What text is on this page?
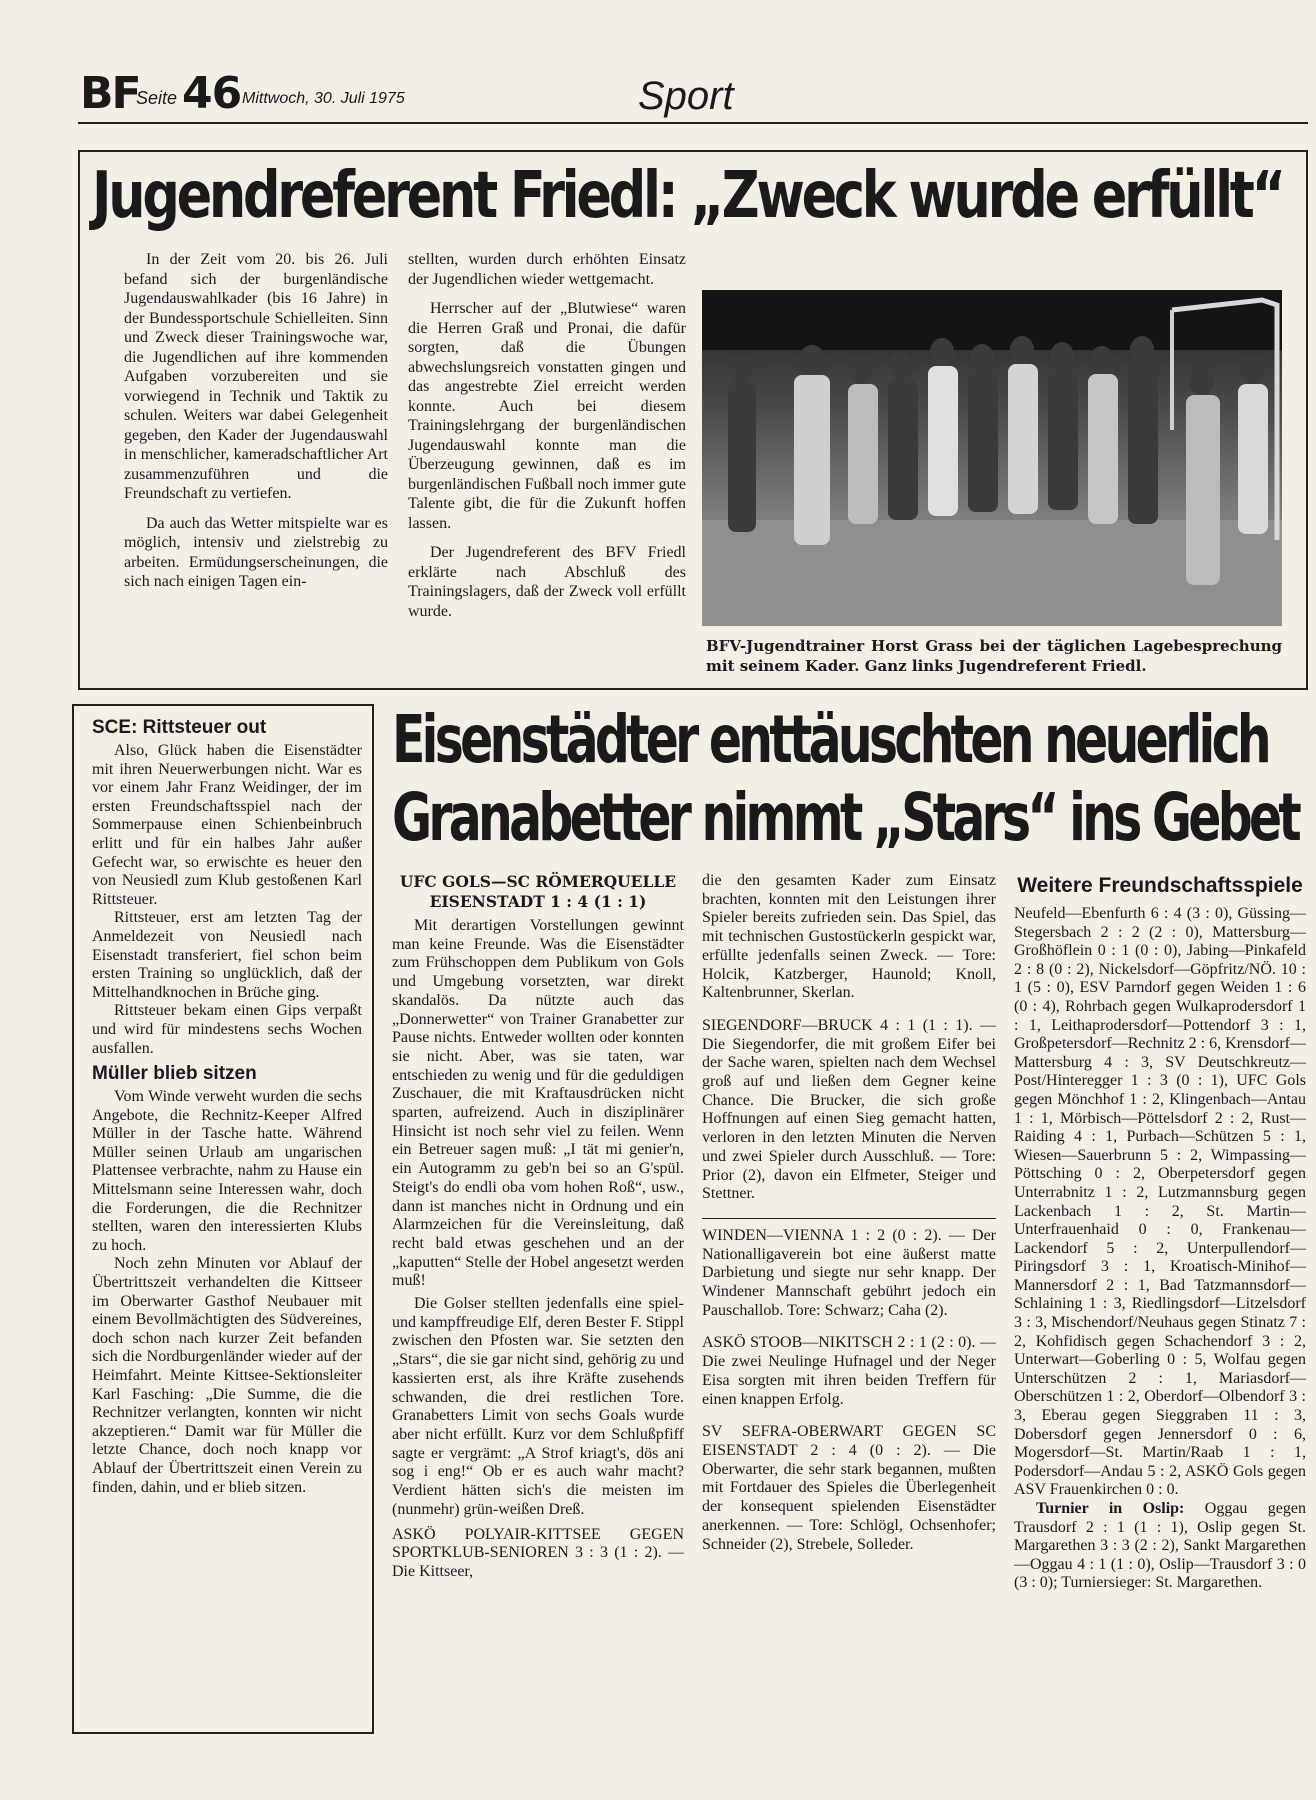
BF
Seite 46 Mittwoch, 30. Juli 1975	Sport
Jugendreferent Friedl: „Zweck wurde erfüllt“

In der Zeit vom 20. bis 26. Juli befand sich der burgenländische Jugendauswahlkader (bis 16 Jahre) in der Bundessportschule Schielleiten. Sinn und Zweck dieser Trainingswoche war, die Jugendlichen auf ihre kommenden Aufgaben vorzubereiten und sie vorwiegend in Technik und Taktik zu schulen. Weiters war dabei Gelegenheit gegeben, den Kader der Jugendauswahl in menschlicher, kameradschaftlicher Art zusammenzuführen und die Freundschaft zu vertiefen.

Da auch das Wetter mitspielte war es möglich, intensiv und zielstrebig zu arbeiten. Ermüdungserscheinungen, die sich nach einigen Tagen ein-

stellten, wurden durch erhöhten Einsatz der Jugendlichen wieder wettgemacht.

Herrscher auf der „Blutwiese“ waren die Herren Graß und Pronai, die dafür sorgten, daß die Übungen abwechslungsreich vonstatten gingen und das angestrebte Ziel erreicht werden konnte. Auch bei diesem Trainingslehrgang der burgenländischen Jugendauswahl konnte man die Überzeugung gewinnen, daß es im burgenländischen Fußball noch immer gute Talente gibt, die für die Zukunft hoffen lassen.

Der Jugendreferent des BFV Friedl erklärte nach Abschluß des Trainingslagers, daß der Zweck voll erfüllt wurde.

BFV-Jugendtrainer Horst Grass bei der täglichen Lagebesprechung mit seinem Kader. Ganz links Jugendreferent Friedl.
SCE: Rittsteuer out

Also, Glück haben die Eisenstädter mit ihren Neuerwerbungen nicht. War es vor einem Jahr Franz Weidinger, der im ersten Freundschaftsspiel nach der Sommerpause einen Schienbeinbruch erlitt und für ein halbes Jahr außer Gefecht war, so erwischte es heuer den von Neusiedl zum Klub gestoßenen Karl Rittsteuer.

Rittsteuer, erst am letzten Tag der Anmeldezeit von Neusiedl nach Eisenstadt transferiert, fiel schon beim ersten Training so unglücklich, daß der Mittelhandknochen in Brüche ging.

Rittsteuer bekam einen Gips verpaßt und wird für mindestens sechs Wochen ausfallen.

Müller blieb sitzen

Vom Winde verweht wurden die sechs Angebote, die Rechnitz-Keeper Alfred Müller in der Tasche hatte. Während Müller seinen Urlaub am ungarischen Plattensee verbrachte, nahm zu Hause ein Mittelsmann seine Interessen wahr, doch die Forderungen, die die Rechnitzer stellten, waren den interessierten Klubs zu hoch.

Noch zehn Minuten vor Ablauf der Übertrittszeit verhandelten die Kittseer im Oberwarter Gasthof Neubauer mit einem Bevollmächtigten des Südvereines, doch schon nach kurzer Zeit befanden sich die Nordburgenländer wieder auf der Heimfahrt. Meinte Kittsee-Sektionsleiter Karl Fasching: „Die Summe, die die Rechnitzer verlangten, konnten wir nicht akzeptieren.“ Damit war für Müller die letzte Chance, doch noch knapp vor Ablauf der Übertrittszeit einen Verein zu finden, dahin, und er blieb sitzen.

Eisenstädter enttäuschten neuerlich
Granabetter nimmt „Stars“ ins Gebet
UFC GOLS—SC RÖMERQUELLE EISENSTADT 1 : 4 (1 : 1)

Mit derartigen Vorstellungen gewinnt man keine Freunde. Was die Eisenstädter zum Frühschoppen dem Publikum von Gols und Umgebung vorsetzten, war direkt skandalös. Da nützte auch das „Donnerwetter“ von Trainer Granabetter zur Pause nichts. Entweder wollten oder konnten sie nicht. Aber, was sie taten, war entschieden zu wenig und für die geduldigen Zuschauer, die mit Kraftausdrücken nicht sparten, aufreizend. Auch in disziplinärer Hinsicht ist noch sehr viel zu feilen. Wenn ein Betreuer sagen muß: „I tät mi genier'n, ein Autogramm zu geb'n bei so an G'spül. Steigt's do endli oba vom hohen Roß“, usw., dann ist manches nicht in Ordnung und ein Alarmzeichen für die Vereinsleitung, daß recht bald etwas geschehen und an der „kaputten“ Stelle der Hobel angesetzt werden muß!

Die Golser stellten jedenfalls eine spiel- und kampffreudige Elf, deren Bester F. Stippl zwischen den Pfosten war. Sie setzten den „Stars“, die sie gar nicht sind, gehörig zu und kassierten erst, als ihre Kräfte zusehends schwanden, die drei restlichen Tore. Granabetters Limit von sechs Goals wurde aber nicht erfüllt. Kurz vor dem Schlußpfiff sagte er vergrämt: „A Strof kriagt's, dös ani sog i eng!“ Ob er es auch wahr macht? Verdient hätten sich's die meisten im (nunmehr) grün-weißen Dreß.

ASKÖ POLYAIR-KITTSEE GEGEN SPORTKLUB-SENIOREN 3 : 3 (1 : 2). — Die Kittseer,

die den gesamten Kader zum Einsatz brachten, konnten mit den Leistungen ihrer Spieler bereits zufrieden sein. Das Spiel, das mit technischen Gustostückerln gespickt war, erfüllte jedenfalls seinen Zweck. — Tore: Holcik, Katzberger, Haunold; Knoll, Kaltenbrunner, Skerlan.

SIEGENDORF—BRUCK 4 : 1 (1 : 1). — Die Siegendorfer, die mit großem Eifer bei der Sache waren, spielten nach dem Wechsel groß auf und ließen dem Gegner keine Chance. Die Brucker, die sich große Hoffnungen auf einen Sieg gemacht hatten, verloren in den letzten Minuten die Nerven und zwei Spieler durch Ausschluß. — Tore: Prior (2), davon ein Elfmeter, Steiger und Stettner.

WINDEN—VIENNA 1 : 2 (0 : 2). — Der Nationalligaverein bot eine äußerst matte Darbietung und siegte nur sehr knapp. Der Windener Mannschaft gebührt jedoch ein Pauschallob. Tore: Schwarz; Caha (2).

ASKÖ STOOB—NIKITSCH 2 : 1 (2 : 0). — Die zwei Neulinge Hufnagel und der Neger Eisa sorgten mit ihren beiden Treffern für einen knappen Erfolg.

SV SEFRA-OBERWART GEGEN SC EISENSTADT 2 : 4 (0 : 2). — Die Oberwarter, die sehr stark begannen, mußten mit Fortdauer des Spieles die Überlegenheit der konsequent spielenden Eisenstädter anerkennen. — Tore: Schlögl, Ochsenhofer; Schneider (2), Strebele, Solleder.

Weitere Freundschaftsspiele

Neufeld—Ebenfurth 6 : 4 (3 : 0), Güssing—Stegersbach 2 : 2 (2 : 0), Mattersburg—Großhöflein 0 : 1 (0 : 0), Jabing—Pinkafeld 2 : 8 (0 : 2), Nickelsdorf—Göpfritz/NÖ. 10 : 1 (5 : 0), ESV Parndorf gegen Weiden 1 : 6 (0 : 4), Rohrbach gegen Wulkaprodersdorf 1 : 1, Leithaprodersdorf—Pottendorf 3 : 1, Großpetersdorf—Rechnitz 2 : 6, Krensdorf—Mattersburg 4 : 3, SV Deutschkreutz—Post/Hinteregger 1 : 3 (0 : 1), UFC Gols gegen Mönchhof 1 : 2, Klingenbach—Antau 1 : 1, Mörbisch—Pöttelsdorf 2 : 2, Rust—Raiding 4 : 1, Purbach—Schützen 5 : 1, Wiesen—Sauerbrunn 5 : 2, Wimpassing—Pöttsching 0 : 2, Oberpetersdorf gegen Unterrabnitz 1 : 2, Lutzmannsburg gegen Lackenbach 1 : 2, St. Martin—Unterfrauenhaid 0 : 0, Frankenau—Lackendorf 5 : 2, Unterpullendorf—Piringsdorf 3 : 1, Kroatisch-Minihof—Mannersdorf 2 : 1, Bad Tatzmannsdorf—Schlaining 1 : 3, Riedlingsdorf—Litzelsdorf 3 : 3, Mischendorf/Neuhaus gegen Stinatz 7 : 2, Kohfidisch gegen Schachendorf 3 : 2, Unterwart—Goberling 0 : 5, Wolfau gegen Unterschützen 2 : 1, Mariasdorf—Oberschützen 1 : 2, Oberdorf—Olbendorf 3 : 3, Eberau gegen Sieggraben 11 : 3, Dobersdorf gegen Jennersdorf 0 : 6, Mogersdorf—St. Martin/Raab 1 : 1, Podersdorf—Andau 5 : 2, ASKÖ Gols gegen ASV Frauenkirchen 0 : 0.

Turnier in Oslip: Oggau gegen Trausdorf 2 : 1 (1 : 1), Oslip gegen St. Margarethen 3 : 3 (2 : 2), Sankt Margarethen—Oggau 4 : 1 (1 : 0), Oslip—Trausdorf 3 : 0 (3 : 0); Turniersieger: St. Margarethen.
